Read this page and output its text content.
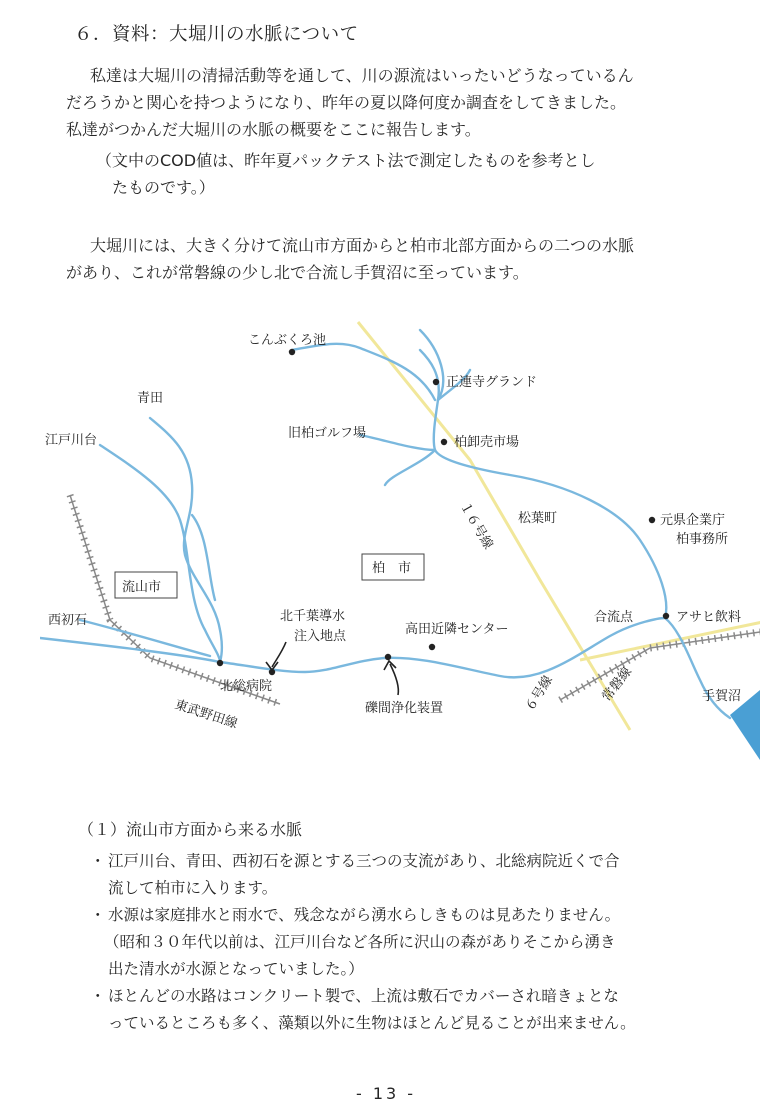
６．資料：大堀川の水脈について
私達は大堀川の清掃活動等を通して、川の源流はいったいどうなっているん
だろうかと関心を持つようになり、昨年の夏以降何度か調査をしてきました。
私達がつかんだ大堀川の水脈の概要をここに報告します。
（文中のCOD値は、昨年夏パックテスト法で測定したものを参考とし
たものです。）
大堀川には、大きく分けて流山市方面からと柏市北部方面からの二つの水脈
があり、これが常磐線の少し北で合流し手賀沼に至っています。
こんぶくろ池
正連寺グランド
青田
江戸川台	旧柏ゴルフ場
柏卸売市場
松葉町	元県企業庁
柏事務所
流山市
柏　市
西初石	北千葉導水
注入地点	高田近隣センター
合流点	アサヒ飲料
北総病院
礫間浄化装置
手賀沼
１６号線
６号線	常磐線
東武野田線
（１）流山市方面から来る水脈
・ 江戸川台、青田、西初石を源とする三つの支流があり、北総病院近くで合
流して柏市に入ります。
・ 水源は家庭排水と雨水で、残念ながら湧水らしきものは見あたりません。
（昭和３０年代以前は、江戸川台など各所に沢山の森がありそこから湧き
出た清水が水源となっていました。）
・ ほとんどの水路はコンクリート製で、上流は敷石でカバーされ暗きょとな
っているところも多く、藻類以外に生物はほとんど見ることが出来ません。
- 13 -
